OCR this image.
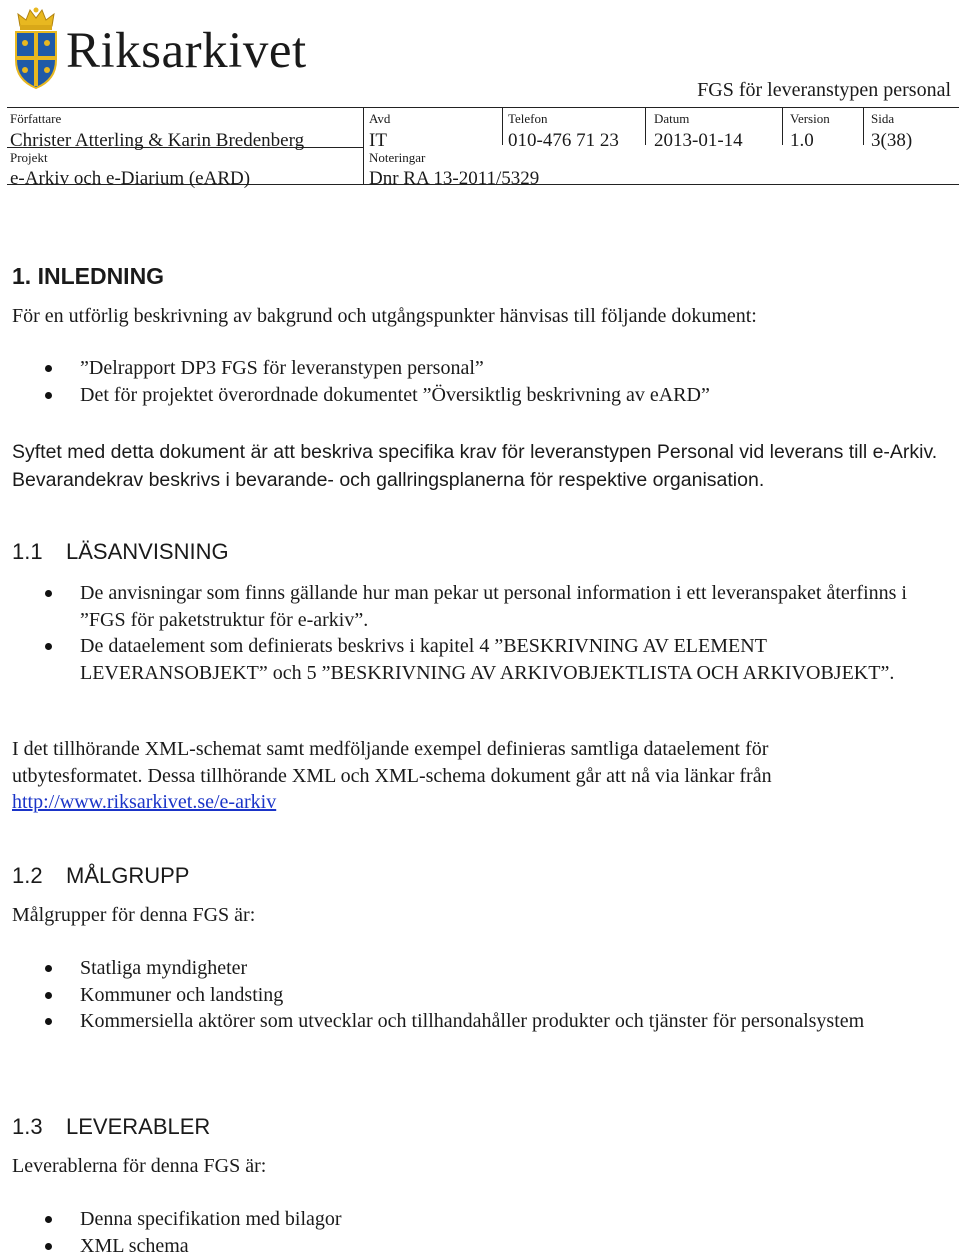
Riksarkivet
FGS för leveranstypen personal
Författare
Christer Atterling & Karin Bredenberg
Avd
IT
Telefon
010-476 71 23
Datum
2013-01-14
Version
1.0
Sida
3(38)
Projekt
e-Arkiv och e-Diarium (eARD)
Noteringar
Dnr RA 13-2011/5329
1. INLEDNING
För en utförlig beskrivning av bakgrund och utgångspunkter hänvisas till följande dokument:
”Delrapport DP3 FGS för leveranstypen personal”
Det för projektet överordnade dokumentet ”Översiktlig beskrivning av eARD”
Syftet med detta dokument är att beskriva specifika krav för leveranstypen Personal vid leverans till e-Arkiv. Bevarandekrav beskrivs i bevarande- och gallringsplanerna för respektive organisation.
1.1 LÄSANVISNING
De anvisningar som finns gällande hur man pekar ut personal information i ett leveranspaket återfinns i ”FGS för paketstruktur för e-arkiv”.
De dataelement som definierats beskrivs i kapitel 4 ”BESKRIVNING AV ELEMENT LEVERANSOBJEKT” och 5 ”BESKRIVNING AV ARKIVOBJEKTLISTA OCH ARKIVOBJEKT”.
I det tillhörande XML-schemat samt medföljande exempel definieras samtliga dataelement för utbytesformatet. Dessa tillhörande XML och XML-schema dokument går att nå via länkar från http://www.riksarkivet.se/e-arkiv
1.2 MÅLGRUPP
Målgrupper för denna FGS är:
Statliga myndigheter
Kommuner och landsting
Kommersiella aktörer som utvecklar och tillhandahåller produkter och tjänster för personalsystem
1.3 LEVERABLER
Leverablerna för denna FGS är:
Denna specifikation med bilagor
XML schema
